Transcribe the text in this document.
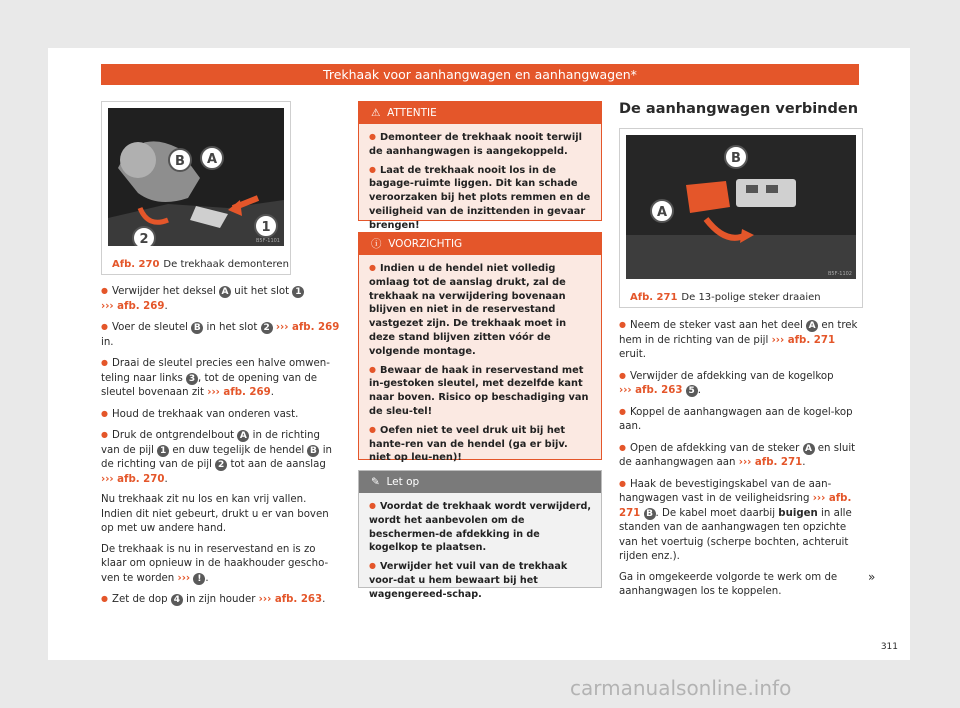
Trekhaak voor aanhangwagen en aanhangwagen*
B A
1
2	B5F-1101
Afb. 270 De trekhaak demonteren

● Verwijder het deksel A uit het slot 1
››› afb. 269.

● Voer de sleutel B in het slot 2 ››› afb. 269
in.

● Draai de sleutel precies een halve omwen-teling naar links 3 , tot de opening van de sleutel bovenaan zit ››› afb. 269.

● Houd de trekhaak van onderen vast.

● Druk de ontgrendelbout A in de richting van de pijl 1 en duw tegelijk de hendel B in de richting van de pijl 2 tot aan de aanslag ››› afb. 270.

Nu trekhaak zit nu los en kan vrij vallen. Indien dit niet gebeurt, drukt u er van boven op met uw andere hand.

De trekhaak is nu in reservestand en is zo klaar om opnieuw in de haakhouder gescho-ven te worden ››› ! .

● Zet de dop 4 in zijn houder ››› afb. 263.

⚠ ATTENTIE

● Demonteer de trekhaak nooit terwijl de aanhangwagen is aangekoppeld.

● Laat de trekhaak nooit los in de bagage-ruimte liggen. Dit kan schade veroorzaken bij het plots remmen en de veiligheid van de inzittenden in gevaar brengen!

ⓘ VOORZICHTIG

● Indien u de hendel niet volledig omlaag tot de aanslag drukt, zal de trekhaak na verwijdering bovenaan blijven en niet in de reservestand vastgezet zijn. De trekhaak moet in deze stand blijven zitten vóór de volgende montage.

● Bewaar de haak in reservestand met in-gestoken sleutel, met dezelfde kant naar boven. Risico op beschadiging van de sleu-tel!

● Oefen niet te veel druk uit bij het hante-ren van de hendel (ga er bijv. niet op leu-nen)!

✎ Let op

● Voordat de trekhaak wordt verwijderd, wordt het aanbevolen om de beschermen-de afdekking in de kogelkop te plaatsen.

● Verwijder het vuil van de trekhaak voor-dat u hem bewaart bij het wagengereed-schap.

De aanhangwagen verbinden

B
A
B5F-1102
Afb. 271 De 13-polige steker draaien

● Neem de steker vast aan het deel A en trek hem in de richting van de pijl ››› afb. 271 eruit.

● Verwijder de afdekking van de kogelkop
››› afb. 263 5 .

● Koppel de aanhangwagen aan de kogel-kop aan.

● Open de afdekking van de steker A en sluit de aanhangwagen aan ››› afb. 271.

● Haak de bevestigingskabel van de aan-hangwagen vast in de veiligheidsring ››› afb. 271 B . De kabel moet daarbij buigen in alle standen van de aanhangwagen ten opzichte van het voertuig (scherpe bochten, achteruit rijden enz.).

Ga in omgekeerde volgorde te werk om de aanhangwagen los te koppelen.

»
311
carmanualsonline.info
